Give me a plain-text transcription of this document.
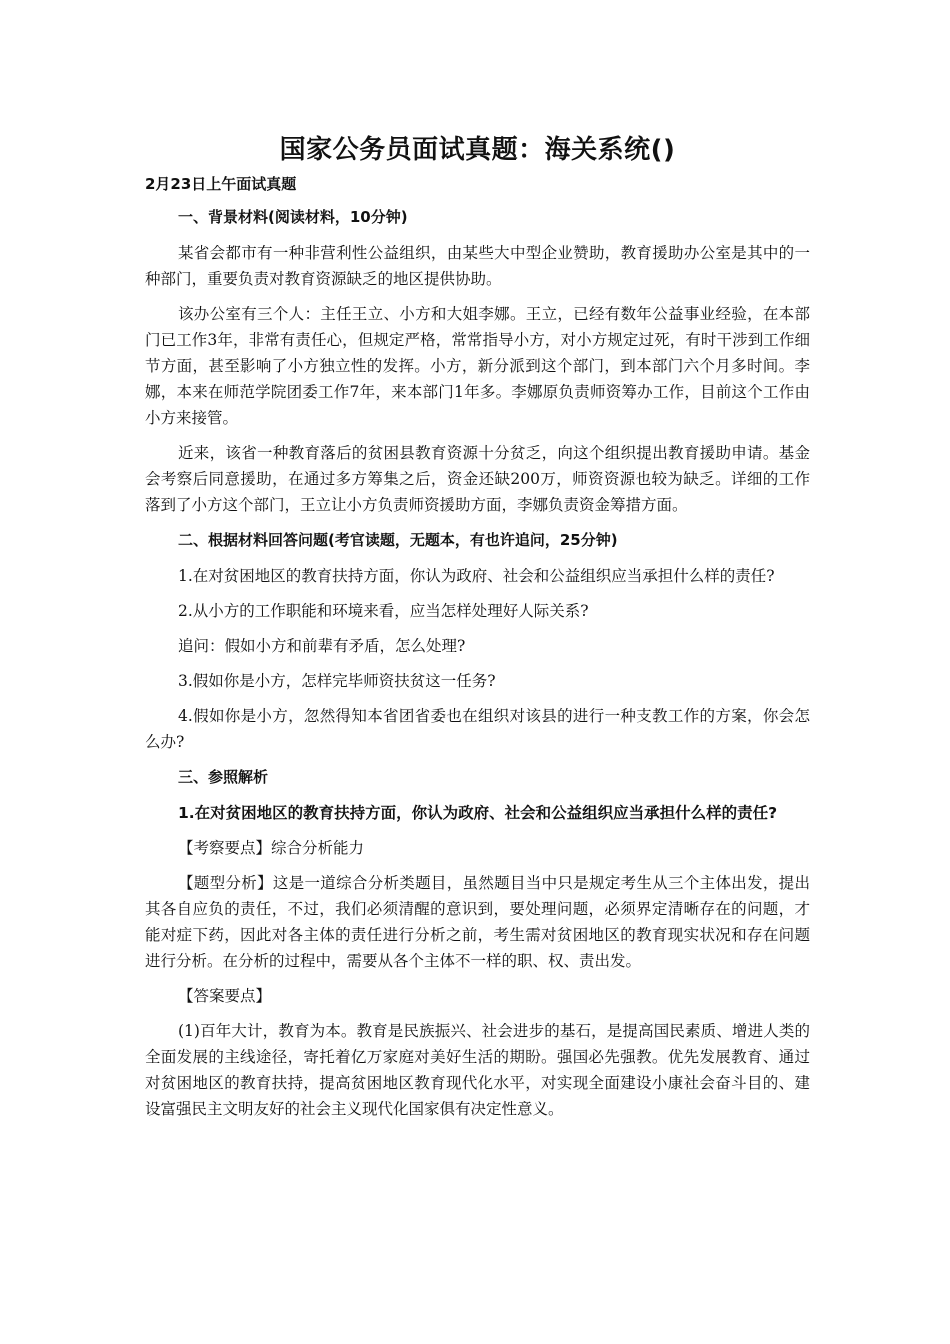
国家公务员面试真题：海关系统()
2月23日上午面试真题

一、背景材料(阅读材料，10分钟)

某省会都市有一种非营利性公益组织，由某些大中型企业赞助，教育援助办公室是其中的一种部门，重要负责对教育资源缺乏的地区提供协助。

该办公室有三个人：主任王立、小方和大姐李娜。王立，已经有数年公益事业经验，在本部门已工作3年，非常有责任心，但规定严格，常常指导小方，对小方规定过死，有时干涉到工作细节方面，甚至影响了小方独立性的发挥。小方，新分派到这个部门，到本部门六个月多时间。李娜，本来在师范学院团委工作7年，来本部门1年多。李娜原负责师资筹办工作，目前这个工作由小方来接管。

近来，该省一种教育落后的贫困县教育资源十分贫乏，向这个组织提出教育援助申请。基金会考察后同意援助，在通过多方筹集之后，资金还缺200万，师资资源也较为缺乏。详细的工作落到了小方这个部门，王立让小方负责师资援助方面，李娜负责资金筹措方面。

二、根据材料回答问题(考官读题，无题本，有也许追问，25分钟)

1.在对贫困地区的教育扶持方面，你认为政府、社会和公益组织应当承担什么样的责任?

2.从小方的工作职能和环境来看，应当怎样处理好人际关系?

追问：假如小方和前辈有矛盾，怎么处理?

3.假如你是小方，怎样完毕师资扶贫这一任务?

4.假如你是小方，忽然得知本省团省委也在组织对该县的进行一种支教工作的方案，你会怎么办?

三、参照解析

1.在对贫困地区的教育扶持方面，你认为政府、社会和公益组织应当承担什么样的责任?

【考察要点】综合分析能力

【题型分析】这是一道综合分析类题目，虽然题目当中只是规定考生从三个主体出发，提出其各自应负的责任，不过，我们必须清醒的意识到，要处理问题，必须界定清晰存在的问题，才能对症下药，因此对各主体的责任进行分析之前，考生需对贫困地区的教育现实状况和存在问题进行分析。在分析的过程中，需要从各个主体不一样的职、权、责出发。

【答案要点】

(1)百年大计，教育为本。教育是民族振兴、社会进步的基石，是提高国民素质、增进人类的全面发展的主线途径，寄托着亿万家庭对美好生活的期盼。强国必先强教。优先发展教育、通过对贫困地区的教育扶持，提高贫困地区教育现代化水平，对实现全面建设小康社会奋斗目的、建设富强民主文明友好的社会主义现代化国家俱有决定性意义。
